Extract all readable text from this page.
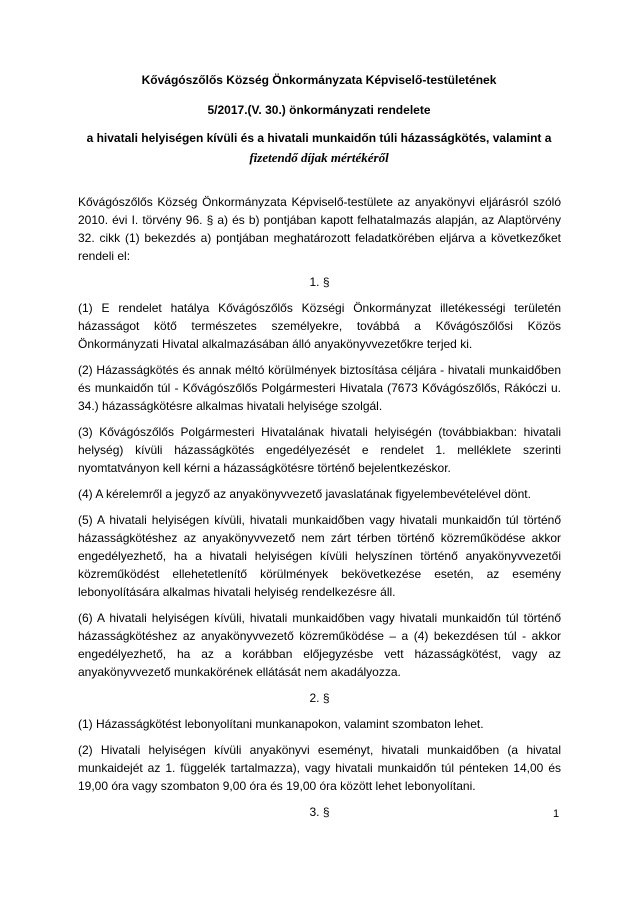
Kővágószőlős Község Önkormányzata Képviselő-testületének
5/2017.(V. 30.) önkormányzati rendelete
a hivatali helyiségen kívüli és a hivatali munkaidőn túli házasságkötés, valamint a
fizetendő díjak mértékéről

Kővágószőlős Község Önkormányzata Képviselő-testülete az anyakönyvi eljárásról szóló 2010. évi I. törvény 96. § a) és b) pontjában kapott felhatalmazás alapján, az Alaptörvény 32. cikk (1) bekezdés a) pontjában meghatározott feladatkörében eljárva a következőket rendeli el:

1. §

(1) E rendelet hatálya Kővágószőlős Községi Önkormányzat illetékességi területén házasságot kötő természetes személyekre, továbbá a Kővágószőlősi Közös Önkormányzati Hivatal alkalmazásában álló anyakönyvvezetőkre terjed ki.

(2) Házasságkötés és annak méltó körülmények biztosítása céljára - hivatali munkaidőben és munkaidőn túl - Kővágószőlős Polgármesteri Hivatala (7673 Kővágószőlős, Rákóczi u. 34.) házasságkötésre alkalmas hivatali helyisége szolgál.

(3) Kővágószőlős Polgármesteri Hivatalának hivatali helyiségén (továbbiakban: hivatali helység) kívüli házasságkötés engedélyezését e rendelet 1. melléklete szerinti nyomtatványon kell kérni a házasságkötésre történő bejelentkezéskor.

(4) A kérelemről a jegyző az anyakönyvvezető javaslatának figyelembevételével dönt.

(5) A hivatali helyiségen kívüli, hivatali munkaidőben vagy hivatali munkaidőn túl történő házasságkötéshez az anyakönyvvezető nem zárt térben történő közreműködése akkor engedélyezhető, ha a hivatali helyiségen kívüli helyszínen történő anyakönyvvezetői közreműködést ellehetetlenítő körülmények bekövetkezése esetén, az esemény lebonyolítására alkalmas hivatali helyiség rendelkezésre áll.

(6) A hivatali helyiségen kívüli, hivatali munkaidőben vagy hivatali munkaidőn túl történő házasságkötéshez az anyakönyvvezető közreműködése – a (4) bekezdésen túl - akkor engedélyezhető, ha az a korábban előjegyzésbe vett házasságkötést, vagy az anyakönyvvezető munkakörének ellátását nem akadályozza.

2. §

(1) Házasságkötést lebonyolítani munkanapokon, valamint szombaton lehet.

(2) Hivatali helyiségen kívüli anyakönyvi eseményt, hivatali munkaidőben (a hivatal munkaidejét az 1. függelék tartalmazza), vagy hivatali munkaidőn túl pénteken 14,00 és 19,00 óra vagy szombaton 9,00 óra és 19,00 óra között lehet lebonyolítani.

3. §	1
